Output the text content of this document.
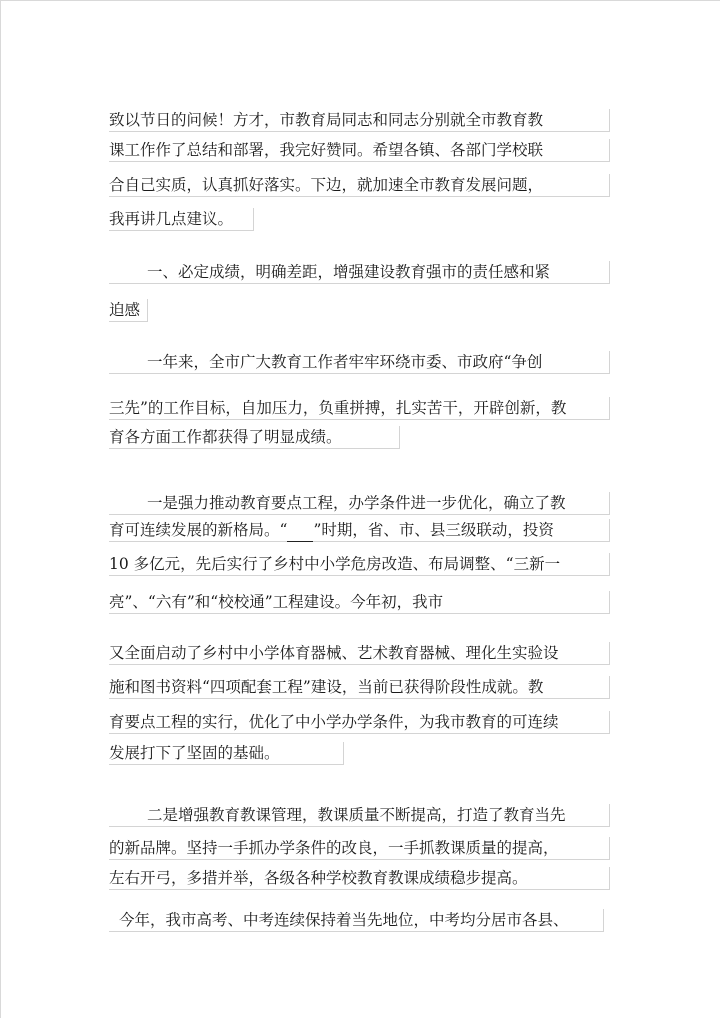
致以节日的问候！方才，市教育局同志和同志分别就全市教育教
课工作作了总结和部署，我完好赞同。希望各镇、各部门学校联
合自己实质，认真抓好落实。下边，就加速全市教育发展问题，
我再讲几点建议。
一、必定成绩，明确差距，增强建设教育强市的责任感和紧
迫感
一年来，全市广大教育工作者牢牢环绕市委、市政府“争创
三先”的工作目标，自加压力，负重拼搏，扎实苦干，开辟创新，教
育各方面工作都获得了明显成绩。
一是强力推动教育要点工程，办学条件进一步优化，确立了教
育可连续发展的新格局。“ ”时期，省、市、县三级联动，投资
10 多亿元，先后实行了乡村中小学危房改造、布局调整、“三新一
亮”、“六有”和“校校通”工程建设。今年初，我市
又全面启动了乡村中小学体育器械、艺术教育器械、理化生实验设
施和图书资料“四项配套工程”建设，当前已获得阶段性成就。教
育要点工程的实行，优化了中小学办学条件，为我市教育的可连续
发展打下了坚固的基础。
二是增强教育教课管理，教课质量不断提高，打造了教育当先
的新品牌。坚持一手抓办学条件的改良，一手抓教课质量的提高，
左右开弓，多措并举，各级各种学校教育教课成绩稳步提高。
今年，我市高考、中考连续保持着当先地位，中考均分居市各县、
